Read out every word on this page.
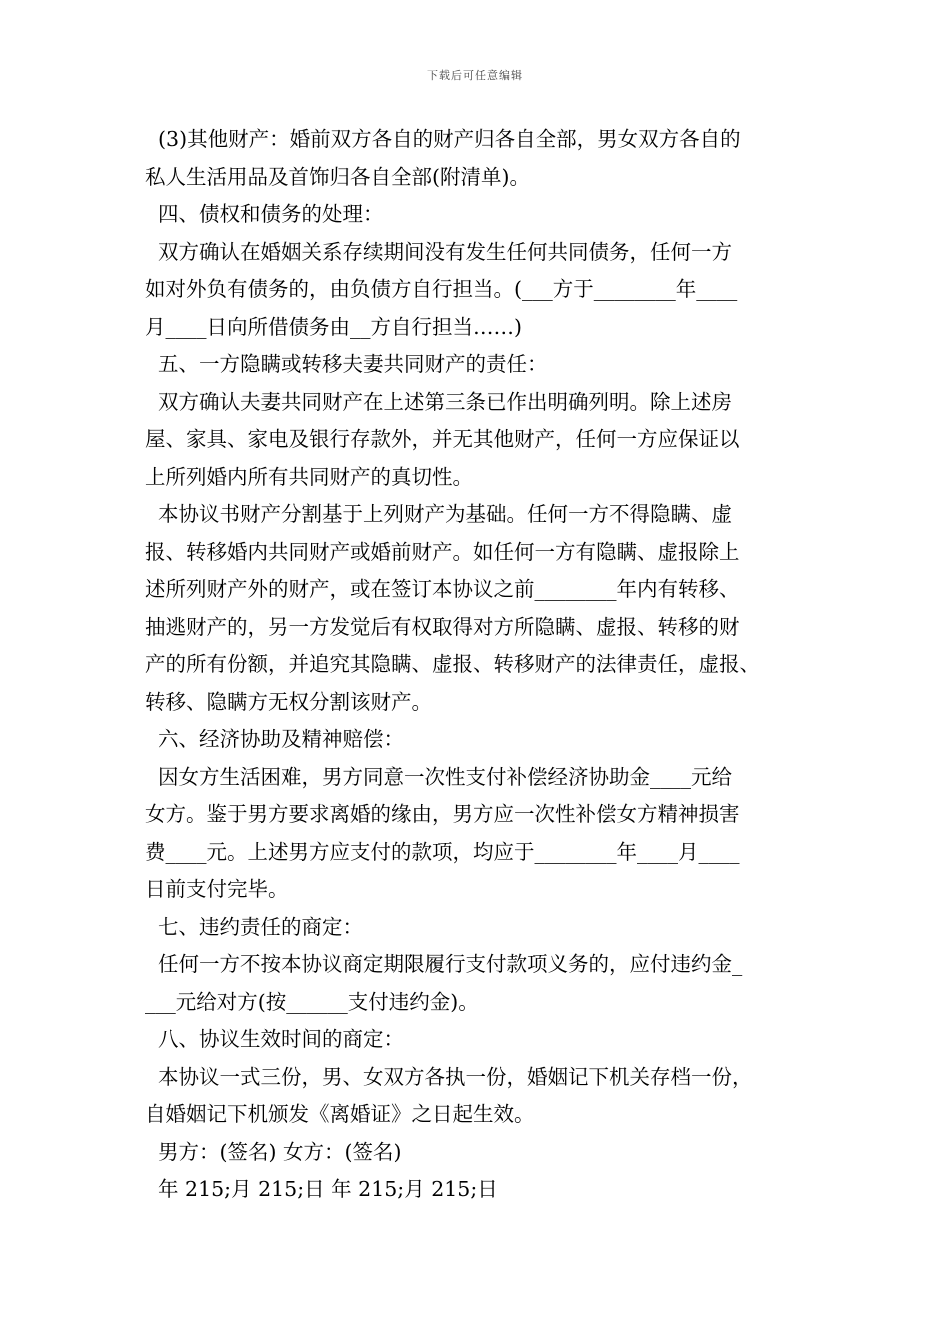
下载后可任意编辑
(3)其他财产：婚前双方各自的财产归各自全部，男女双方各自的
私人生活用品及首饰归各自全部(附清单)。
四、债权和债务的处理：
双方确认在婚姻关系存续期间没有发生任何共同债务，任何一方
如对外负有债务的，由负债方自行担当。(___方于________年____
月____日向所借债务由__方自行担当……)
五、一方隐瞒或转移夫妻共同财产的责任：
双方确认夫妻共同财产在上述第三条已作出明确列明。除上述房
屋、家具、家电及银行存款外，并无其他财产，任何一方应保证以
上所列婚内所有共同财产的真切性。
本协议书财产分割基于上列财产为基础。任何一方不得隐瞒、虚
报、转移婚内共同财产或婚前财产。如任何一方有隐瞒、虚报除上
述所列财产外的财产，或在签订本协议之前________年内有转移、
抽逃财产的，另一方发觉后有权取得对方所隐瞒、虚报、转移的财
产的所有份额，并追究其隐瞒、虚报、转移财产的法律责任，虚报、
转移、隐瞒方无权分割该财产。
六、经济协助及精神赔偿：
因女方生活困难，男方同意一次性支付补偿经济协助金____元给
女方。鉴于男方要求离婚的缘由，男方应一次性补偿女方精神损害
费____元。上述男方应支付的款项，均应于________年____月____
日前支付完毕。
七、违约责任的商定：
任何一方不按本协议商定期限履行支付款项义务的，应付违约金_
___元给对方(按______支付违约金)。
八、协议生效时间的商定：
本协议一式三份，男、女双方各执一份，婚姻记下机关存档一份，
自婚姻记下机颁发《离婚证》之日起生效。
男方：(签名) 女方：(签名)
年 215;月 215;日 年 215;月 215;日
